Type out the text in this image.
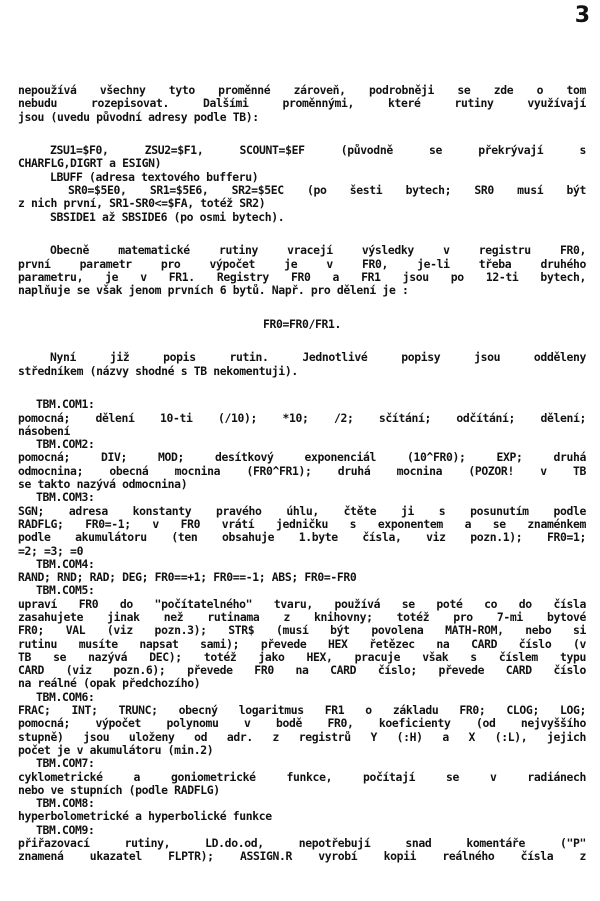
3
nepoužívá všechny tyto proměnné zároveň, podrobněji se zde o tom
nebudu rozepisovat. Dalšími proměnnými, které rutiny využívají
jsou (uvedu původní adresy podle TB):
ZSU1=$F0, ZSU2=$F1, SCOUNT=$EF (původně se překrývají s
CHARFLG,DIGRT a ESIGN)
LBUFF (adresa textového bufferu)
SR0=$5E0, SR1=$5E6, SR2=$5EC (po šesti bytech; SR0 musí být
z nich první, SR1-SR0<=$FA, totéž SR2)
SBSIDE1 až SBSIDE6 (po osmi bytech).
Obecně matematické rutiny vracejí výsledky v registru FR0,
první parametr pro výpočet je v FR0, je-li třeba druhého
parametru, je v FR1. Registry FR0 a FR1 jsou po 12-ti bytech,
naplňuje se však jenom prvních 6 bytů. Např. pro dělení je :
FR0=FR0/FR1.
Nyní již popis rutin. Jednotlivé popisy jsou odděleny
středníkem (názvy shodné s TB nekomentuji).
TBM.COM1:
pomocná; dělení 10-ti (/10); *10; /2; sčítání; odčítání; dělení;
násobení
TBM.COM2:
pomocná; DIV; MOD; desítkový exponenciál (10^FR0); EXP; druhá
odmocnina; obecná mocnina (FR0^FR1); druhá mocnina (POZOR! v TB
se takto nazývá odmocnina)
TBM.COM3:
SGN; adresa konstanty pravého úhlu, čtěte ji s posunutím podle
RADFLG; FR0=-1; v FR0 vrátí jedničku s exponentem a se znaménkem
podle akumulátoru (ten obsahuje 1.byte čísla, viz pozn.1); FR0=1;
=2; =3; =0
TBM.COM4:
RAND; RND; RAD; DEG; FR0==+1; FR0==-1; ABS; FR0=-FR0
TBM.COM5:
upraví FR0 do "počítatelného" tvaru, používá se poté co do čísla
zasahujete jinak než rutinama z knihovny; totéž pro 7-mi bytové
FR0; VAL (viz pozn.3); STR$ (musí být povolena MATH-ROM, nebo si
rutinu musíte napsat sami); převede HEX řetězec na CARD číslo (v
TB se nazývá DEC); totéž jako HEX, pracuje však s číslem typu
CARD (viz pozn.6); převede FR0 na CARD číslo; převede CARD číslo
na reálné (opak předchozího)
TBM.COM6:
FRAC; INT; TRUNC; obecný logaritmus FR1 o základu FR0; CLOG; LOG;
pomocná; výpočet polynomu v bodě FR0, koeficienty (od nejvyššího
stupně) jsou uloženy od adr. z registrů Y (:H) a X (:L), jejich
počet je v akumulátoru (min.2)
TBM.COM7:
cyklometrické a goniometrické funkce, počítají se v radiánech
nebo ve stupních (podle RADFLG)
TBM.COM8:
hyperbolometrické a hyperbolické funkce
TBM.COM9:
přiřazovací rutiny, LD.do.od, nepotřebují snad komentáře ("P"
znamená ukazatel FLPTR); ASSIGN.R vyrobí kopii reálného čísla z
